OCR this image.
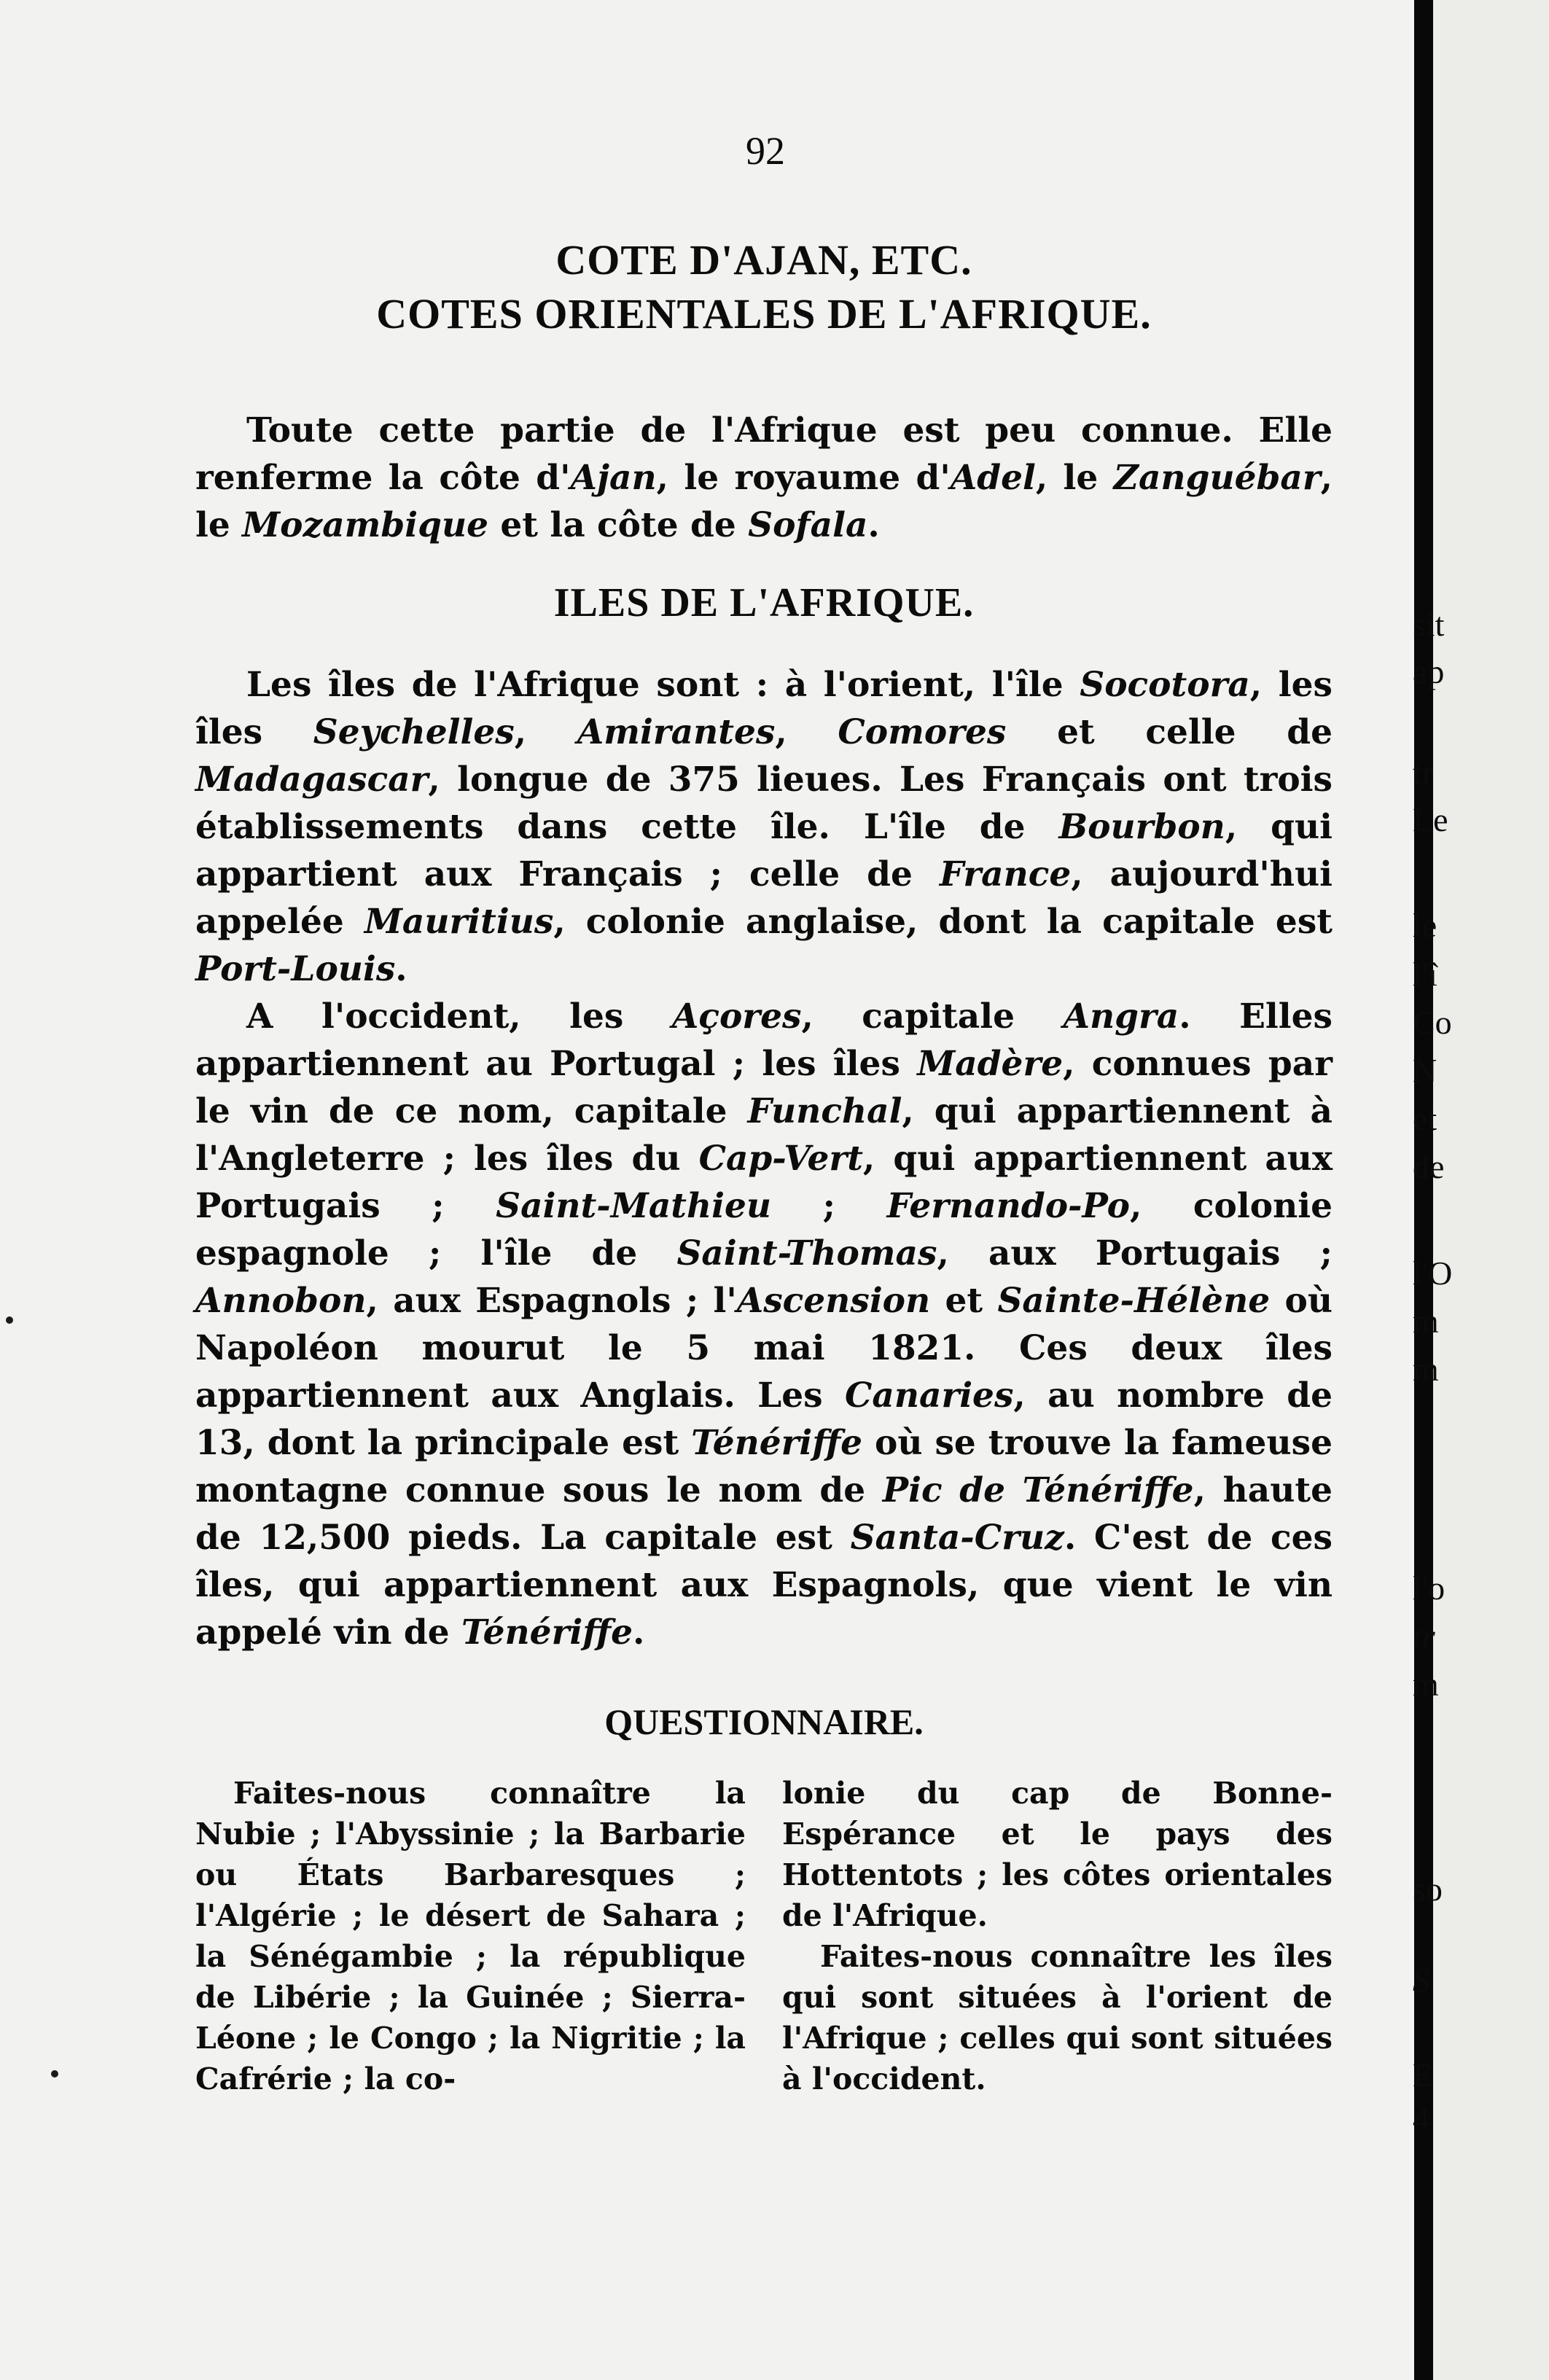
92
COTE D'AJAN, ETC.
COTES ORIENTALES DE L'AFRIQUE.

Toute cette partie de l'Afrique est peu connue. Elle renferme la côte d'Ajan, le royaume d'Adel, le Zanguébar, le Mozambique et la côte de Sofala.

ILES DE L'AFRIQUE.

Les îles de l'Afrique sont : à l'orient, l'île Socotora, les îles Seychelles, Amirantes, Comores et celle de Madagascar, longue de 375 lieues. Les Français ont trois établissements dans cette île. L'île de Bourbon, qui appartient aux Français ; celle de France, aujourd'hui appelée Mauritius, colonie anglaise, dont la capitale est Port-Louis.

A l'occident, les Açores, capitale Angra. Elles appartiennent au Portugal ; les îles Madère, connues par le vin de ce nom, capitale Funchal, qui appartiennent à l'Angleterre ; les îles du Cap-Vert, qui appartiennent aux Portugais ; Saint-Mathieu ; Fernando-Po, colonie espagnole ; l'île de Saint-Thomas, aux Portugais ; Annobon, aux Espagnols ; l'Ascension et Sainte-Hélène où Napoléon mourut le 5 mai 1821. Ces deux îles appartiennent aux Anglais. Les Canaries, au nombre de 13, dont la principale est Ténériffe où se trouve la fameuse montagne connue sous le nom de Pic de Ténériffe, haute de 12,500 pieds. La capitale est Santa-Cruz. C'est de ces îles, qui appartiennent aux Espagnols, que vient le vin appelé vin de Ténériffe.

QUESTIONNAIRE.

Faites-nous connaître la Nubie ; l'Abyssinie ; la Barbarie ou États Barbaresques ; l'Algérie ; le désert de Sahara ; la Sénégambie ; la république de Libérie ; la Guinée ; Sierra-Léone ; le Congo ; la Nigritie ; la Cafrérie ; la co-

lonie du cap de Bonne-Espérance et le pays des Hottentots ; les côtes orientales de l'Afrique.

Faites-nous connaître les îles qui sont situées à l'orient de l'Afrique ; celles qui sont situées à l'occident.

sit
ap
tr
Le
le
l'î
Co
N
et
de
l'O
m
m
l'o
tr
m
so
S
E
4
